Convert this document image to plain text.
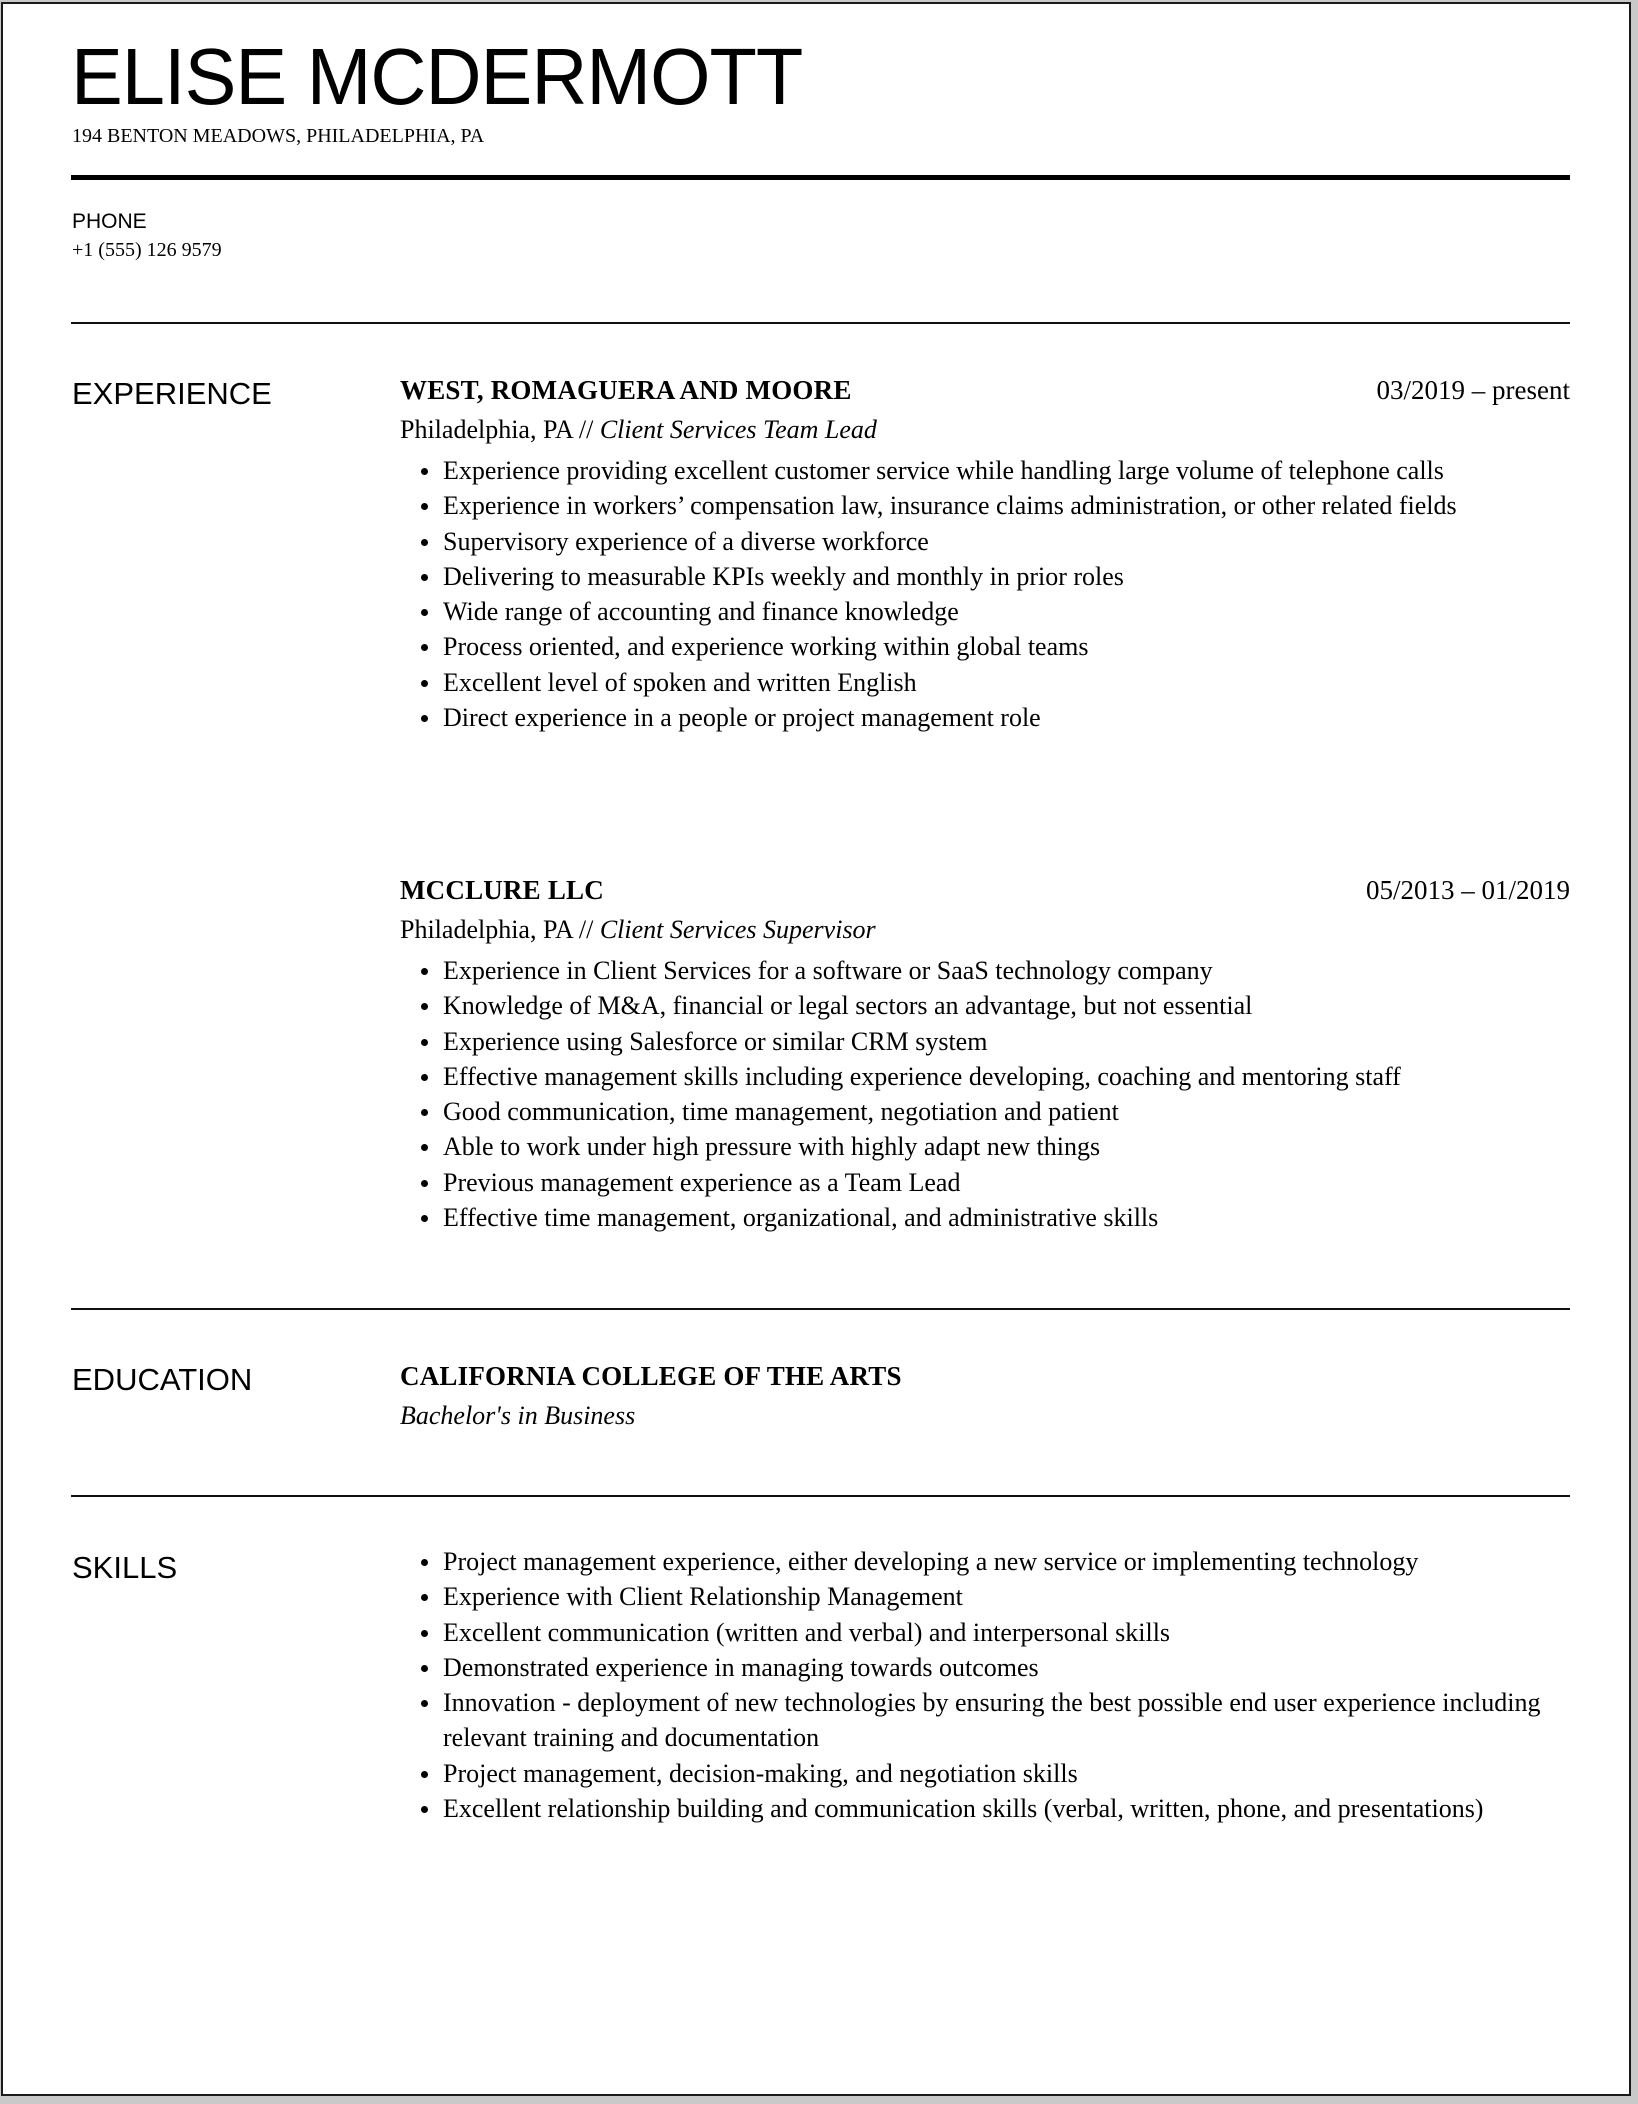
ELISE MCDERMOTT
194 BENTON MEADOWS, PHILADELPHIA, PA
PHONE
+1 (555) 126 9579
EXPERIENCE	WEST, ROMAGUERA AND MOORE	03/2019 – present
Philadelphia, PA // Client Services Team Lead
Experience providing excellent customer service while handling large volume of telephone calls
Experience in workers’ compensation law, insurance claims administration, or other related fields
Supervisory experience of a diverse workforce
Delivering to measurable KPIs weekly and monthly in prior roles
Wide range of accounting and finance knowledge
Process oriented, and experience working within global teams
Excellent level of spoken and written English
Direct experience in a people or project management role
MCCLURE LLC	05/2013 – 01/2019
Philadelphia, PA // Client Services Supervisor
Experience in Client Services for a software or SaaS technology company
Knowledge of M&A, financial or legal sectors an advantage, but not essential
Experience using Salesforce or similar CRM system
Effective management skills including experience developing, coaching and mentoring staff
Good communication, time management, negotiation and patient
Able to work under high pressure with highly adapt new things
Previous management experience as a Team Lead
Effective time management, organizational, and administrative skills
EDUCATION	CALIFORNIA COLLEGE OF THE ARTS
Bachelor's in Business
SKILLS	Project management experience, either developing a new service or implementing technology
Experience with Client Relationship Management
Excellent communication (written and verbal) and interpersonal skills
Demonstrated experience in managing towards outcomes
Innovation - deployment of new technologies by ensuring the best possible end user experience including relevant training and documentation
Project management, decision-making, and negotiation skills
Excellent relationship building and communication skills (verbal, written, phone, and presentations)
